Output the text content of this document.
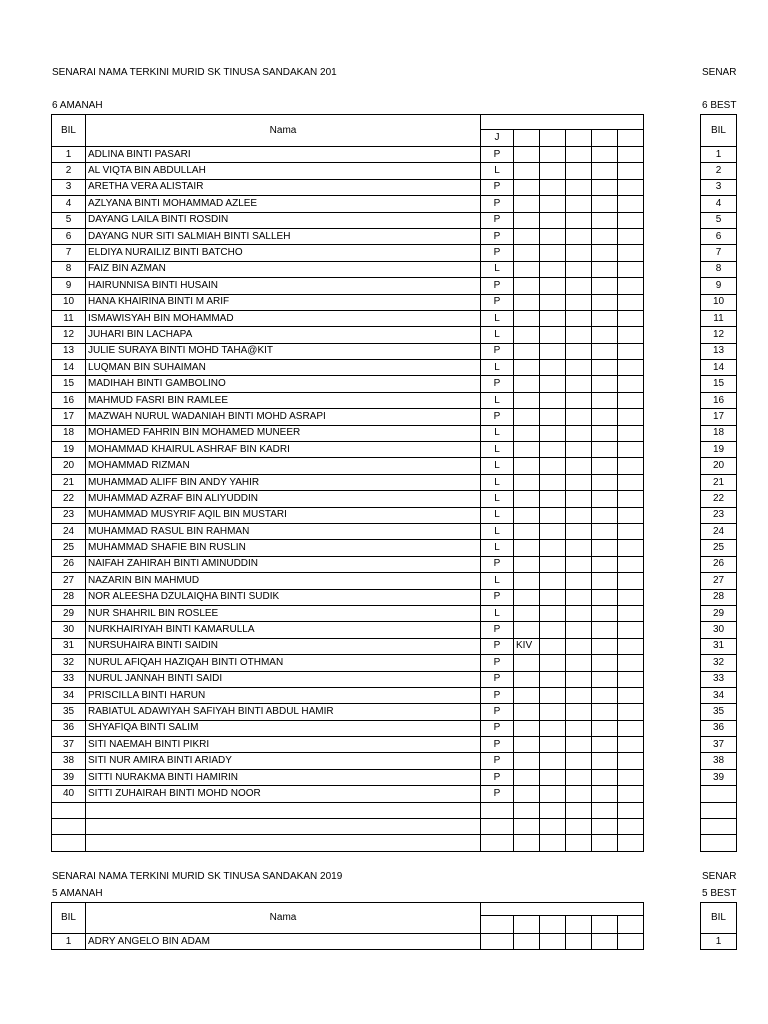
SENARAI NAMA TERKINI MURID SK TINUSA SANDAKAN 201
6 AMANAH
BIL	Nama						
		J					
1	ADLINA BINTI PASARI	P					
2	AL VIQTA BIN ABDULLAH	L					
3	ARETHA VERA ALISTAIR	P					
4	AZLYANA BINTI MOHAMMAD AZLEE	P					
5	DAYANG LAILA BINTI ROSDIN	P					
6	DAYANG NUR SITI SALMIAH BINTI SALLEH	P					
7	ELDIYA NURAILIZ BINTI BATCHO	P					
8	FAIZ BIN AZMAN	L					
9	HAIRUNNISA BINTI HUSAIN	P					
10	HANA KHAIRINA BINTI M ARIF	P					
11	ISMAWISYAH BIN MOHAMMAD	L					
12	JUHARI BIN LACHAPA	L					
13	JULIE SURAYA BINTI MOHD TAHA@KIT	P					
14	LUQMAN BIN SUHAIMAN	L					
15	MADIHAH BINTI GAMBOLINO	P					
16	MAHMUD FASRI BIN RAMLEE	L					
17	MAZWAH NURUL WADANIAH BINTI MOHD ASRAPI	P					
18	MOHAMED FAHRIN BIN MOHAMED MUNEER	L					
19	MOHAMMAD KHAIRUL ASHRAF BIN KADRI	L					
20	MOHAMMAD RIZMAN	L					
21	MUHAMMAD ALIFF BIN ANDY YAHIR	L					
22	MUHAMMAD AZRAF BIN ALIYUDDIN	L					
23	MUHAMMAD MUSYRIF AQIL BIN MUSTARI	L					
24	MUHAMMAD RASUL BIN RAHMAN	L					
25	MUHAMMAD SHAFIE BIN RUSLIN	L					
26	NAIFAH ZAHIRAH BINTI AMINUDDIN	P					
27	NAZARIN BIN MAHMUD	L					
28	NOR ALEESHA DZULAIQHA BINTI SUDIK	P					
29	NUR SHAHRIL BIN ROSLEE	L					
30	NURKHAIRIYAH BINTI KAMARULLA	P					
31	NURSUHAIRA BINTI SAIDIN	P	KIV				
32	NURUL AFIQAH HAZIQAH BINTI OTHMAN	P					
33	NURUL JANNAH BINTI SAIDI	P					
34	PRISCILLA BINTI HARUN	P					
35	RABIATUL ADAWIYAH SAFIYAH BINTI ABDUL HAMIR	P					
36	SHYAFIQA BINTI SALIM	P					
37	SITI NAEMAH BINTI PIKRI	P					
38	SITI NUR AMIRA BINTI ARIADY	P					
39	SITTI NURAKMA BINTI HAMIRIN	P					
40	SITTI ZUHAIRAH BINTI MOHD NOOR	P					

SENARAI NAMA TERKINI MURID SK TINUSA SANDAKAN 2019
5 AMANAH
BIL	Nama						

1	ADRY ANGELO BIN ADAM						
SENAR
6 BEST
BIL
1
2
3
4
5
6
7
8
9
10
11
12
13
14
15
16
17
18
19
20
21
22
23
24
25
26
27
28
29
30
31
32
33
34
35
36
37
38
39

SENAR
5 BEST
BIL
1
